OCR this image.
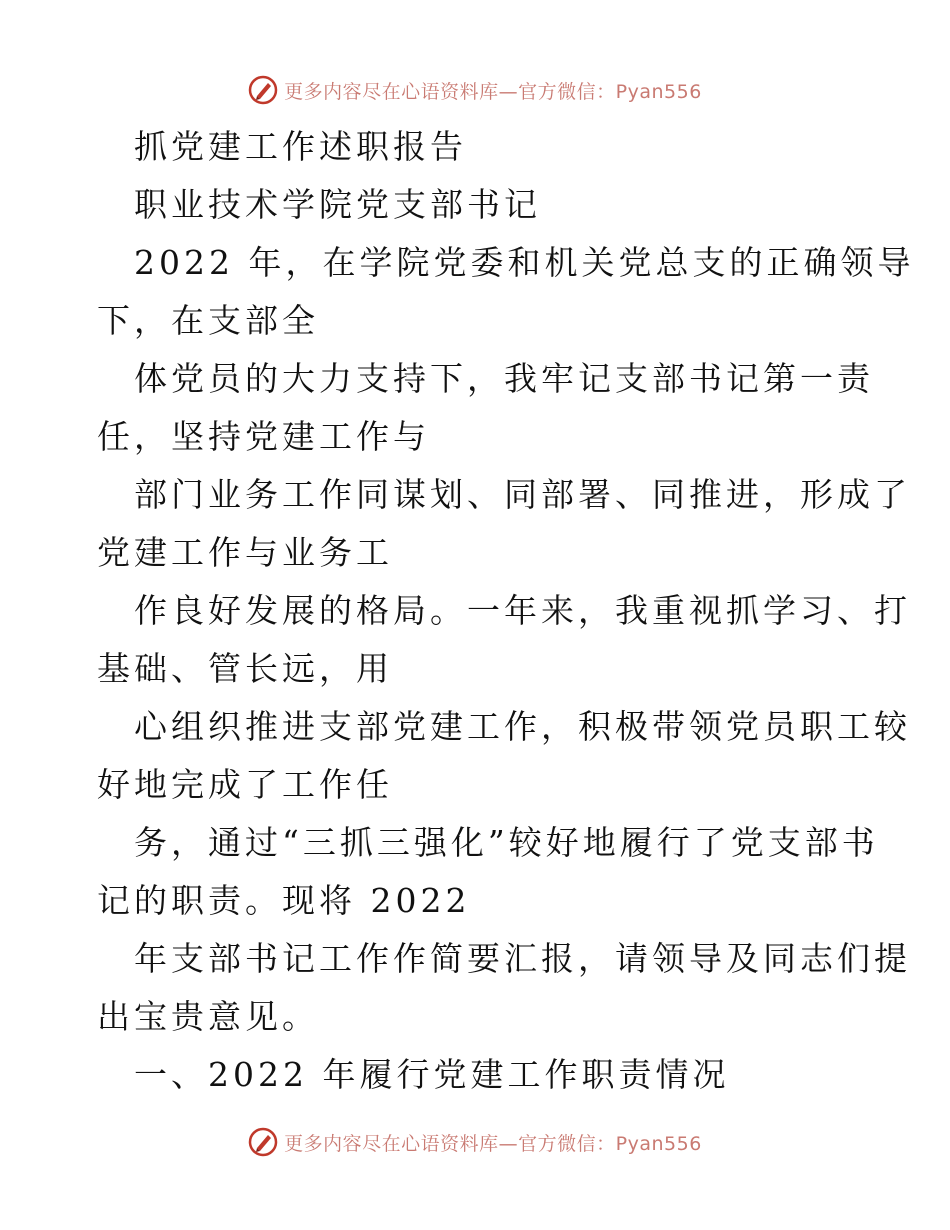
更多内容尽在心语资料库—官方微信：Pyan556
抓党建工作述职报告
职业技术学院党支部书记
2022 年，在学院党委和机关党总支的正确领导
下，在支部全
体党员的大力支持下，我牢记支部书记第一责
任，坚持党建工作与
部门业务工作同谋划、同部署、同推进，形成了
党建工作与业务工
作良好发展的格局。一年来，我重视抓学习、打
基础、管长远，用
心组织推进支部党建工作，积极带领党员职工较
好地完成了工作任
务，通过“三抓三强化”较好地履行了党支部书
记的职责。现将 2022
年支部书记工作作简要汇报，请领导及同志们提
出宝贵意见。
一、2022 年履行党建工作职责情况
更多内容尽在心语资料库—官方微信：Pyan556
